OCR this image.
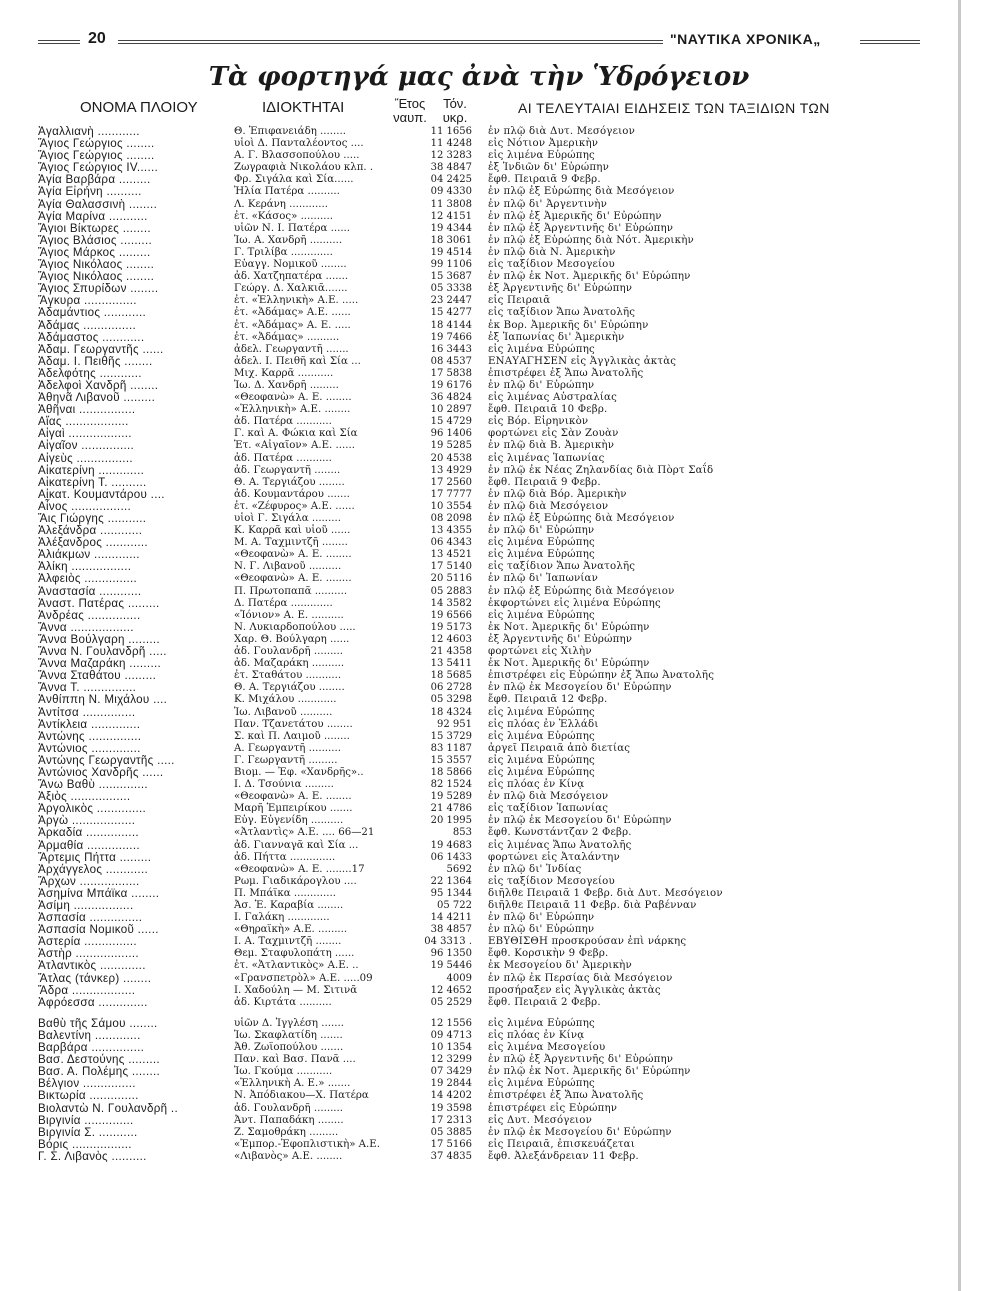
20	"ΝΑΥΤΙΚΑ ΧΡΟΝΙΚΑ„
Τὰ φορτηγά μας ἀνὰ τὴν Ὑδρόγειον
ΟΝΟΜΑ ΠΛΟΙΟΥ	ΙΔΙΟΚΤΗΤΑΙ	Ἔτος
ναυπ.
Τόν.
υκρ.
ΑΙ ΤΕΛΕΥΤΑΙΑΙ ΕΙΔΗΣΕΙΣ ΤΩΝ ΤΑΞΙΔΙΩΝ ΤΩΝ
Ἀγαλλιανὴ ............	Θ. Ἐπιφανειάδη ........	11 1656 ἐν πλῷ διὰ Δυτ. Μεσόγειον
Ἅγιος Γεώργιος ........	υἱοὶ Δ. Πανταλέοντος ....	11 4248 εἰς Νότιον Ἀμερικὴν
Ἅγιος Γεώργιος ........	Α. Γ. Βλασσοπούλου .....	12 3283 εἰς λιμένα Εὐρώπης
Ἅγιος Γεώργιος IV......	Ζωγραφιὰ Νικολάου κλπ. .	38 4847 ἐξ Ἰνδιῶν δι' Εὐρώπην
Ἁγία Βαρβάρα .........	Φρ. Σιγάλα καὶ Σία......	04 2425 ἔφθ. Πειραιᾶ 9 Φεβρ.
Ἁγία Εἰρήνη ..........	Ἠλία Πατέρα ..........	09 4330 ἐν πλῷ ἐξ Εὐρώπης διὰ Μεσόγειον
Ἁγία Θαλασσινὴ ........	Λ. Κεράνη ............	11 3808 ἐν πλῷ δι' Ἀργεντινὴν
Ἁγία Μαρίνα ...........	ἐτ. «Κάσος» ..........	12 4151 ἐν πλῷ ἐξ Ἀμερικῆς δι' Εὐρώπην
Ἅγιοι Βίκτωρες ........	υἱῶν Ν. Ι. Πατέρα ......	19 4344 ἐν πλῷ ἐξ Ἀργεντινῆς δι' Εὐρώπην
Ἅγιος Βλάσιος .........	Ἰω. Α. Χανδρῆ ..........	18 3061 ἐν πλῷ ἐξ Εὐρώπης διὰ Νότ. Ἀμερικὴν
Ἅγιος Μάρκος .........	Γ. Τριλίβα .............	19 4514 ἐν πλῷ διὰ Ν. Ἀμερικὴν
Ἅγιος Νικόλαος ........	Εὐαγγ. Νομικοῦ ........	99 1106 εἰς ταξίδιον Μεσογείου
Ἅγιος Νικόλαος ........	ἀδ. Χατζηπατέρα .......	15 3687 ἐν πλῷ ἐκ Νοτ. Ἀμερικῆς δι' Εὐρώπην
Ἅγιος Σπυρίδων ........	Γεώργ. Δ. Χαλκιᾶ.......	05 3338 ἐξ Ἀργεντινῆς δι' Εὐρώπην
Ἄγκυρα ...............	ἐτ. «Ἑλληνικὴ» Α.Ε. .....	23 2447 εἰς Πειραιᾶ
Ἀδαμάντιος ............	ἐτ. «Ἀδάμας» Α.Ε. ......	15 4277 εἰς ταξίδιον Ἄπω Ἀνατολῆς
Ἀδάμας ...............	ἐτ. «Ἀδάμας» Α. Ε. .....	18 4144 ἐκ Βορ. Ἀμερικῆς δι' Εὐρώπην
Ἀδάμαστος ............	ἐτ. «Ἀδάμας» ..........	19 7466 ἐξ Ἰαπωνίας δι' Ἀμερικὴν
Ἀδαμ. Γεωργαντῆς ......	ἀδελ. Γεωργαντῆ .......	16 3443 εἰς λιμένα Εὐρώπης
Ἀδαμ. Ι. Πειθῆς ........	ἀδελ. Ι. Πειθῆ καὶ Σία ...	08 4537 ΕΝΑΥΑΓΗΣΕΝ εἰς Ἀγγλικὰς ἀκτὰς
Ἀδελφότης ............	Μιχ. Καρρᾶ ...........	17 5838 ἐπιστρέφει ἐξ Ἄπω Ἀνατολῆς
Ἀδελφοὶ Χανδρῆ ........	Ἰω. Δ. Χανδρῆ .........	19 6176 ἐν πλῷ δι' Εὐρώπην
Ἀθηνᾶ Λιβανοῦ .........	«Θεοφανὼ» Α. Ε. ........	36 4824 εἰς λιμένας Αὐστραλίας
Ἀθῆναι ................	«Ἑλληνικὴ» Α.Ε. ........	10 2897 ἔφθ. Πειραιᾶ 10 Φεβρ.
Αἴας ..................	ἀδ. Πατέρα ...........	15 4729 εἰς Βόρ. Εἰρηνικὸν
Αἰγαὶ ..................	Γ. καὶ Α. Φώκια καὶ Σία	96 1406 φορτώνει εἰς Σὰν Ζουὰν
Αἰγαῖον ...............	Ἑτ. «Αἰγαῖον» Α.Ε. ......	19 5285 ἐν πλῷ διὰ Β. Ἀμερικὴν
Αἰγεὺς ................	ἀδ. Πατέρα ...........	20 4538 εἰς λιμένας Ἰαπωνίας
Αἰκατερίνη .............	ἀδ. Γεωργαντῆ ........	13 4929 ἐν πλῷ ἐκ Νέας Ζηλανδίας διὰ Πὸρτ Σαΐδ
Αἰκατερίνη Τ. ..........	Θ. Α. Τεργιάζου ........	17 2560 ἔφθ. Πειραιᾶ 9 Φεβρ.
Αἰκατ. Κουμαντάρου ....	ἀδ. Κουμαντάρου .......	17 7777 ἐν πλῷ διὰ Βόρ. Ἀμερικὴν
Αἶνος .................	ἐτ. «Ζέφυρος» Α.Ε. ......	10 3554 ἐν πλῷ διὰ Μεσόγειον
Ἅις Γιώργης ...........	υἱοὶ Γ. Σιγάλα .........	08 2098 ἐν πλῷ ἐξ Εὐρώπης διὰ Μεσόγειον
Ἀλεξάνδρα ............	Κ. Καρρᾶ καὶ υἱοῦ ......	13 4355 ἐν πλῷ δι' Εὐρώπην
Ἀλέξανδρος ............	Μ. Α. Ταχμιντζῆ ........	06 4343 εἰς λιμένα Εὐρώπης
Ἀλιάκμων .............	«Θεοφανὼ» Α. Ε. ........	13 4521 εἰς λιμένα Εὐρώπης
Ἀλίκη .................	Ν. Γ. Λιβανοῦ ..........	17 5140 εἰς ταξίδιον Ἄπω Ἀνατολῆς
Ἀλφειὸς ...............	«Θεοφανὼ» Α. Ε. ........	20 5116 ἐν πλῷ δι' Ἰαπωνίαν
Ἀναστασία ............	Π. Πρωτοπαπᾶ ..........	05 2883 ἐν πλῷ ἐξ Εὐρώπης διὰ Μεσόγειον
Ἀναστ. Πατέρας .........	Δ. Πατέρα .............	14 3582 ἐκφορτώνει εἰς λιμένα Εὐρώπης
Ἀνδρέας ...............	«Ἰόνιον» Α. Ε. ..........	19 6566 εἰς λιμένα Εὐρώπης
Ἄννα ..................	Ν. Λυκιαρδοπούλου .....	19 5173 ἐκ Νοτ. Ἀμερικῆς δι' Εὐρώπην
Ἄννα Βούλγαρη .........	Χαρ. Θ. Βούλγαρη ......	12 4603 ἐξ Ἀργεντινῆς δι' Εὐρώπην
Ἄννα Ν. Γουλανδρῆ .....	ἀδ. Γουλανδρῆ .........	21 4358 φορτώνει εἰς Χιλὴν
Ἄννα Μαζαράκη .........	ἀδ. Μαζαράκη ..........	13 5411 ἐκ Νοτ. Ἀμερικῆς δι' Εὐρώπην
Ἄννα Σταθάτου .........	ἐτ. Σταθάτου ...........	18 5685 ἐπιστρέφει εἰς Εὐρώπην ἐξ Ἄπω Ἀνατολῆς
Ἄννα Τ. ...............	Θ. Α. Τεργιάζου ........	06 2728 ἐν πλῷ ἐκ Μεσογείου δι' Εὐρώπην
Ἀνθίππη Ν. Μιχάλου ....	Κ. Μιχάλου ............	05 3298 ἔφθ. Πειραιᾶ 12 Φεβρ.
Ἀντίτσα ...............	Ἰω. Λιβανοῦ ..........	18 4324 εἰς λιμένα Εὐρώπης
Ἀντίκλεια ..............	Παν. Τζανετάτου ........	92 951 εἰς πλόας ἐν Ἑλλάδι
Ἀντώνης ...............	Σ. καὶ Π. Λαιμοῦ ........	15 3729 εἰς λιμένα Εὐρώπης
Ἀντώνιος ..............	Α. Γεωργαντῆ ..........	83 1187 ἀργεῖ Πειραιᾶ ἀπὸ διετίας
Ἀντώνης Γεωργαντῆς .....	Γ. Γεωργαντῆ .........	15 3557 εἰς λιμένα Εὐρώπης
Ἀντώνιος Χανδρῆς ......	Βιομ. — Ἐφ. «Χανδρῆς»..	18 5866 εἰς λιμένα Εὐρώπης
Ἄνω Βαθὺ ..............	Ι. Δ. Τσούνια .........	82 1524 εἰς πλόας ἐν Κίνᾳ
Ἀξιὸς .................	«Θεοφανὼ» Α. Ε. ........	19 5289 ἐν πλῷ διὰ Μεσόγειον
Ἀργολικὸς ..............	Μαρῆ Ἐμπειρίκου .......	21 4786 εἰς ταξίδιον Ἰαπωνίας
Ἀργὼ ..................	Εὐγ. Εὐγενίδη ..........	20 1995 ἐν πλῷ ἐκ Μεσογείου δι' Εὐρώπην
Ἀρκαδία ...............	«Ἀτλαντὶς» Α.Ε. .... 66—21	853 ἔφθ. Κωνστάντζαν 2 Φεβρ.
Ἀρμαθία ...............	ἀδ. Γιανναγᾶ καὶ Σία ...	19 4683 εἰς λιμένας Ἄπω Ἀνατολῆς
Ἄρτεμις Πήττα .........	ἀδ. Πήττα ..............	06 1433 φορτώνει εἰς Ἀταλάντην
Ἀρχάγγελος ............	«Θεοφανὼ» Α. Ε. ........17	5692 ἐν πλῷ δι' Ἰνδίας
Ἄρχων .................	Ρωμ. Γιαδικάρογλου ....	22 1364 εἰς ταξίδιον Μεσογείου
Ἀσημίνα Μπάϊκα ........	Π. Μπάϊκα .............	95 1344 διῆλθε Πειραιᾶ 1 Φεβρ. διὰ Δυτ. Μεσόγειον
Ἀσίμη .................	Ἀσ. Ἐ. Καραβία ........	05 722 διῆλθε Πειραιᾶ 11 Φεβρ. διὰ Ραβένναν
Ἀσπασία ...............	Ι. Γαλάκη .............	14 4211 ἐν πλῷ δι' Εὐρώπην
Ἀσπασία Νομικοῦ ......	«Θηραϊκὴ» Α.Ε. .........	38 4857 ἐν πλῷ δι' Εὐρώπην
Ἀστερία ...............	Ι. Α. Ταχμιντζῆ ........	04 3313 . ΕΒΥΘΙΣΘΗ προσκρούσαν ἐπὶ νάρκης
Ἀστὴρ ..................	Θεμ. Σταφυλοπάτη ......	96 1350 ἔφθ. Κορσικὴν 9 Φεβρ.
Ἀτλαντικὸς .............	ἐτ. «Ἀτλαντικὸς» Α.Ε. ..	19 5446 ἐκ Μεσογείου δι' Ἀμερικὴν
Ἄτλας (τάνκερ) ........	«Γρανσπετρὸλ» Α.Ε. .....09	4009 ἐν πλῷ ἐκ Περσίας διὰ Μεσόγειον
Ἄδρα ..................	Ι. Χαδούλη — Μ. Σιτινᾶ	12 4652 προσήραξεν εἰς Ἀγγλικὰς ἀκτὰς
Ἀφρόεσσα ..............	ἀδ. Κιρτάτα ..........	05 2529 ἔφθ. Πειραιᾶ 2 Φεβρ.
Βαθὺ τῆς Σάμου ........	υἱῶν Δ. Ἰγγλέση .......	12 1556 εἰς λιμένα Εὐρώπης
Βαλεντίνη .............	Ἰω. Σκαφλατίδη .......	09 4713 εἰς πλόας ἐν Κίνᾳ
Βαρβάρα ...............	Ἀθ. Ζωϊοπούλου .......	10 1354 εἰς λιμένα Μεσογείου
Βασ. Δεστούνης .........	Παν. καὶ Βασ. Πανᾶ ....	12 3299 ἐν πλῷ ἐξ Ἀργεντινῆς δι' Εὐρώπην
Βασ. Α. Πολέμης ........	Ἰω. Γκούμα ...........	07 3429 ἐν πλῷ ἐκ Νοτ. Ἀμερικῆς δι' Εὐρώπην
Βέλγιον ...............	«Ἑλληνικὴ Α. Ε.» .......	19 2844 εἰς λιμένα Εὐρώπης
Βικτωρία ..............	Ν. Ἀπόδιακου—Χ. Πατέρα	14 4202 ἐπιστρέφει ἐξ Ἄπω Ἀνατολῆς
Βιολαντὼ Ν. Γουλανδρῆ ..	ἀδ. Γουλανδρῆ .........	19 3598 ἐπιστρέφει εἰς Εὐρώπην
Βιργινία ..............	Ἀντ. Παπαδάκη ........	17 2313 εἰς Δυτ. Μεσόγειον
Βιργινία Σ. ...........	Ζ. Σαμοθράκη .........	05 3885 ἐν πλῷ ἐκ Μεσογείου δι' Εὐρώπην
Βόρις .................	«Ἐμπορ.-Ἐφοπλιστικὴ» Α.Ε.	17 5166 εἰς Πειραιᾶ, ἐπισκευάζεται
Γ. Σ. Λιβανὸς ..........	«Λιβανὸς» Α.Ε. ........	37 4835 ἔφθ. Ἀλεξάνδρειαν 11 Φεβρ.
